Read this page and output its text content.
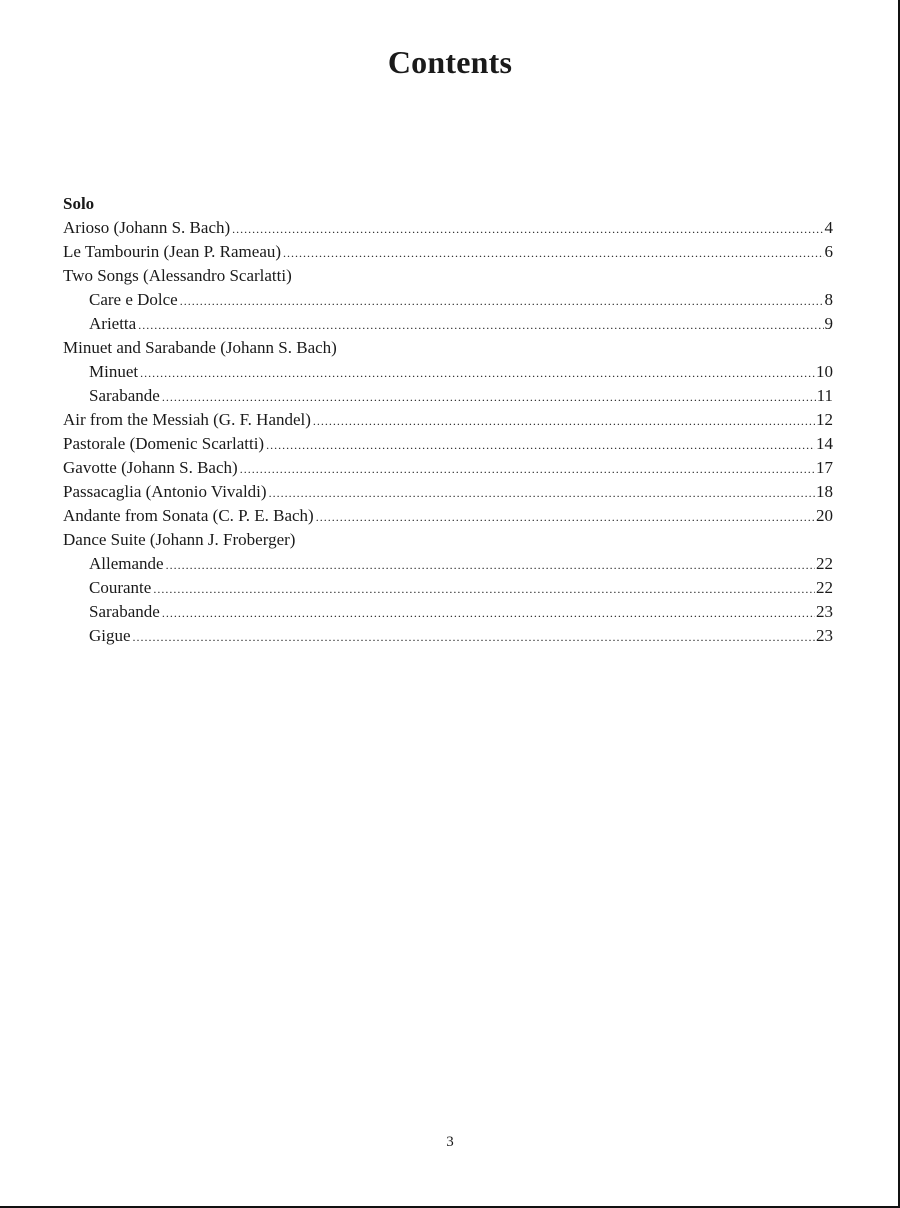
Contents
Solo
Arioso (Johann S. Bach) .....	4
Le Tambourin (Jean P. Rameau) .....	6
Two Songs (Alessandro Scarlatti)
Care e Dolce .....	8
Arietta .....	9
Minuet and Sarabande (Johann S. Bach)
Minuet .....	10
Sarabande .....	11
Air from the Messiah (G. F. Handel) .....	12
Pastorale (Domenic Scarlatti) .....	14
Gavotte (Johann S. Bach) .....	17
Passacaglia (Antonio Vivaldi) .....	18
Andante from Sonata (C. P. E. Bach) .....	20
Dance Suite (Johann J. Froberger)
Allemande .....	22
Courante .....	22
Sarabande .....	23
Gigue .....	23
3
